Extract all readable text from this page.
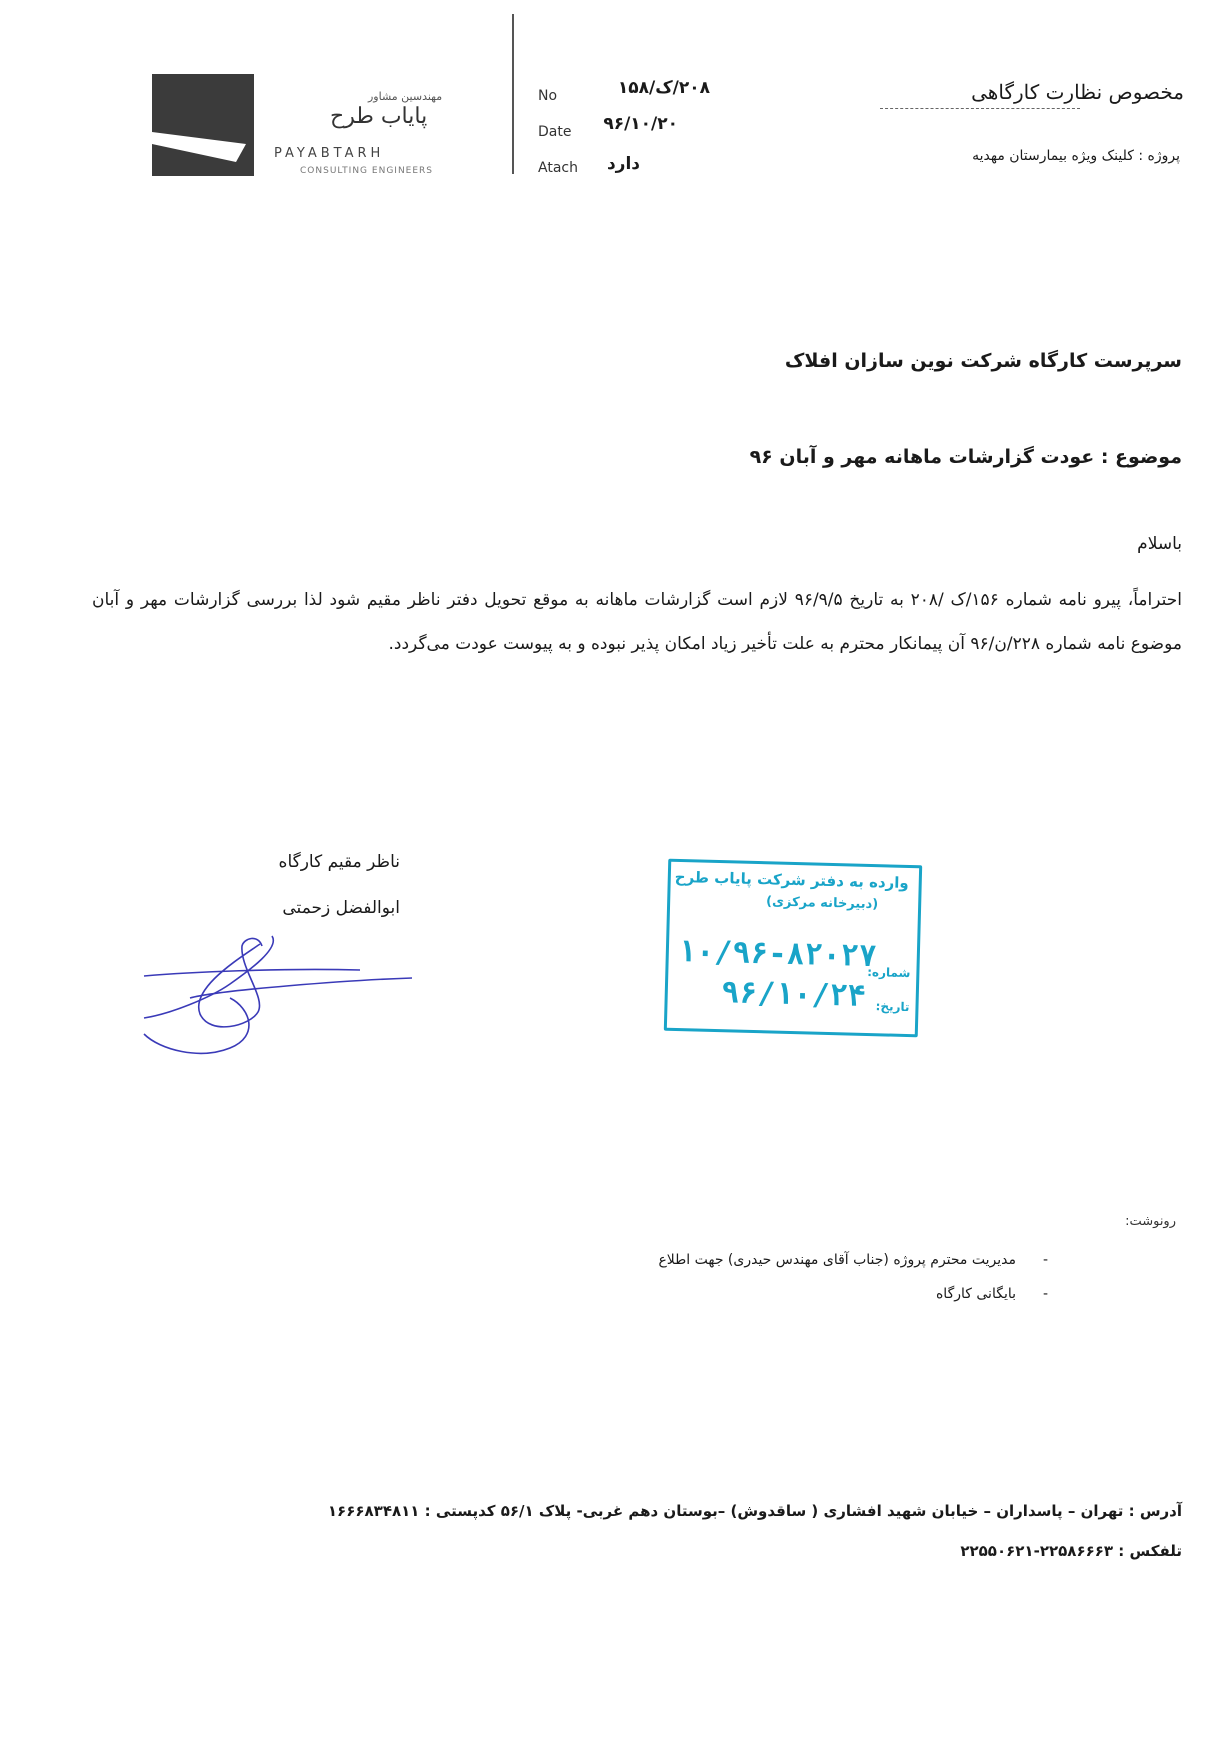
مهندسین مشاور
پایاب طرح
PAYABTARH
CONSULTING ENGINEERS
No	۲۰۸/ک/۱۵۸
Date ۹۶/۱۰/۲۰
Atach	دارد
مخصوص نظارت کارگاهی
پروژه : کلینک ویژه بیمارستان مهدیه
سرپرست کارگاه شرکت نوین سازان افلاک
موضوع : عودت گزارشات ماهانه مهر و آبان ۹۶
باسلام
احتراماً، پیرو نامه شماره ۱۵۶/ک /۲۰۸ به تاریخ ۹۶/۹/۵ لازم است گزارشات ماهانه به موقع تحویل دفتر ناظر مقیم شود لذا بررسی گزارشات مهر و آبان موضوع نامه شماره ۲۲۸/ن/۹۶ آن پیمانکار محترم به علت تأخیر زیاد امکان پذیر نبوده و به پیوست عودت می‌گردد.
ناظر مقیم کارگاه
ابوالفضل زحمتی
وارده به دفتر شرکت پایاب طرح
(دبیرخانه مرکزی)
۱۰/۹۶-۸۲۰۲۷
شماره:
۹۶/۱۰/۲۴ تاریخ:
رونوشت:
-
مدیریت محترم پروژه (جناب آقای مهندس حیدری) جهت اطلاع
-
بایگانی کارگاه
آدرس : تهران – پاسداران – خیابان شهید افشاری ( ساقدوش) –بوستان دهم غربی- پلاک ۵۶/۱ کدپستی : ۱۶۶۶۸۳۴۸۱۱
تلفکس : ۲۲۵۸۶۶۶۳-۲۲۵۵۰۶۲۱
